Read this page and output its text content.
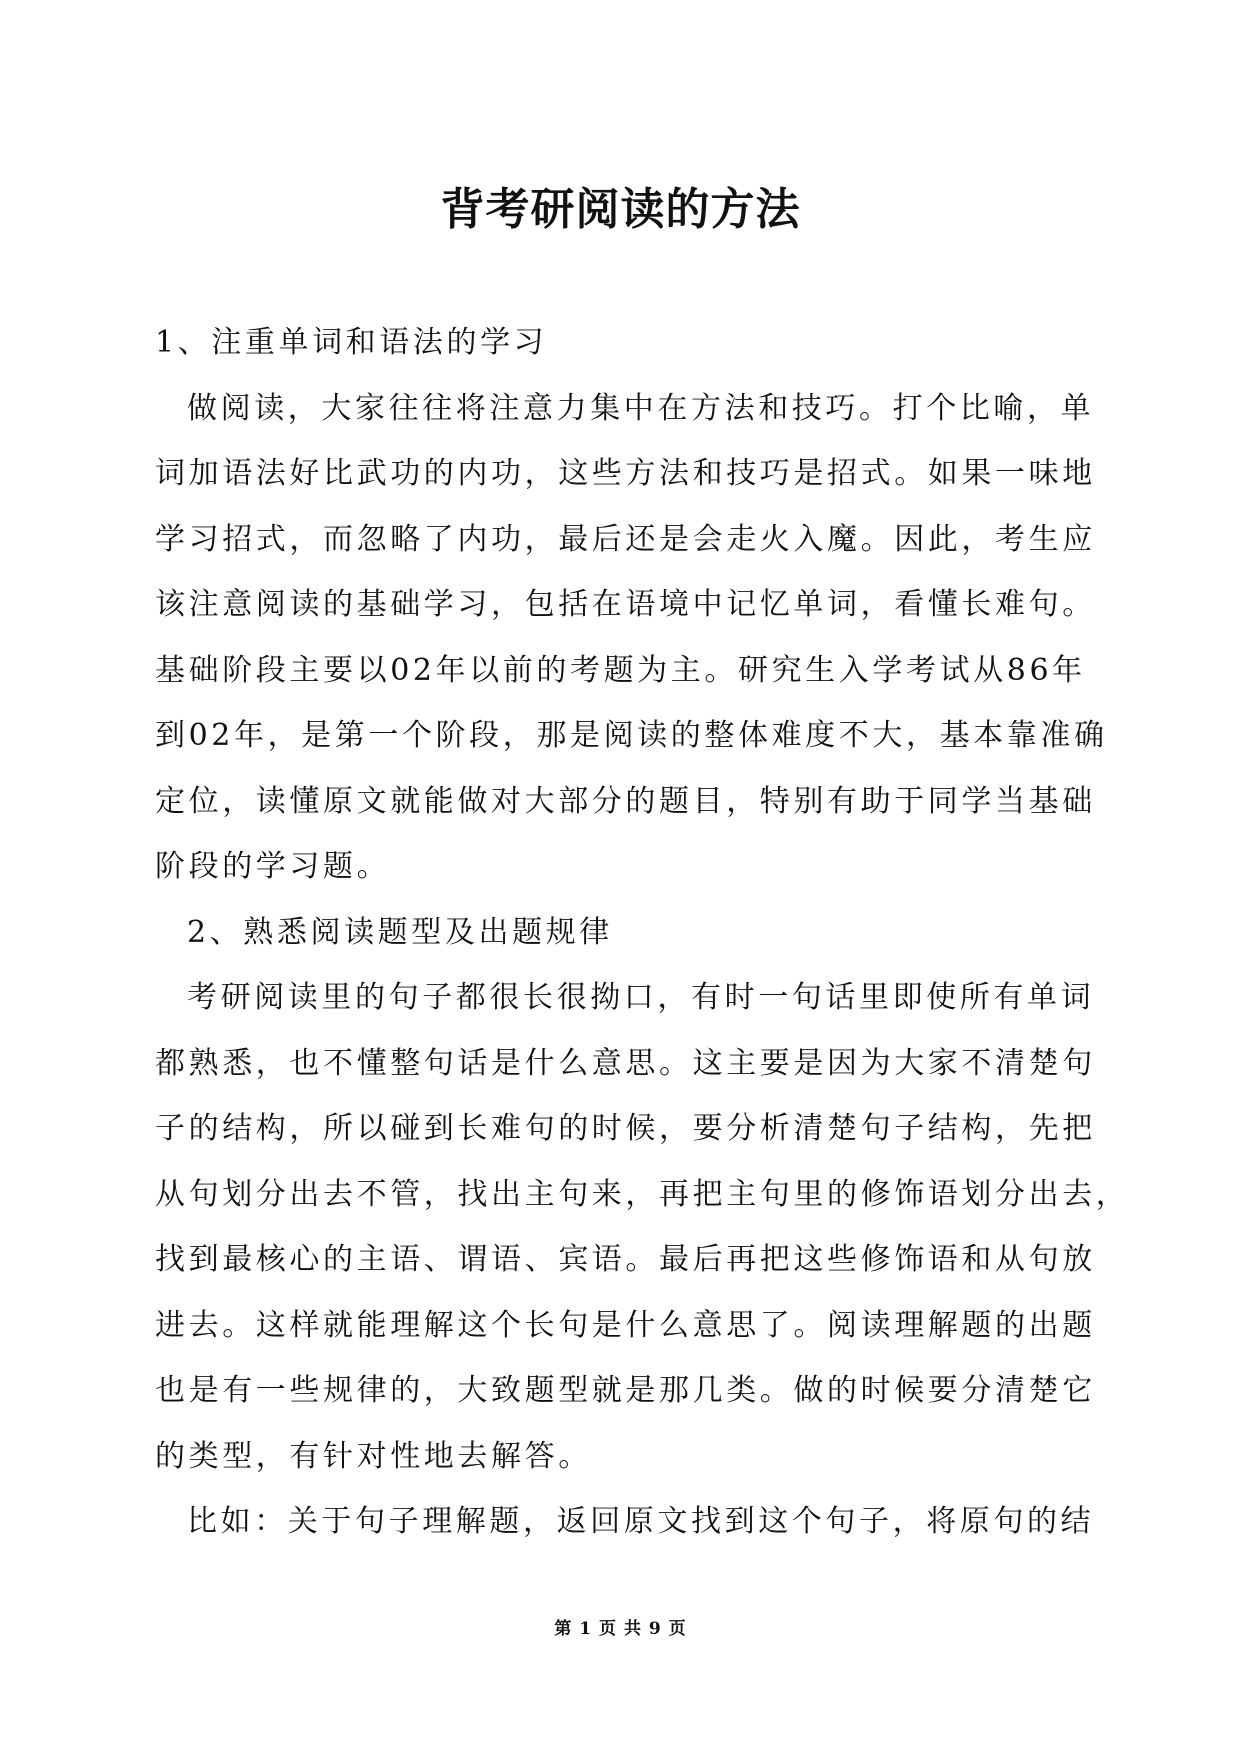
背考研阅读的方法

1、注重单词和语法的学习

做阅读，大家往往将注意力集中在方法和技巧。打个比喻，单

词加语法好比武功的内功，这些方法和技巧是招式。如果一味地

学习招式，而忽略了内功，最后还是会走火入魔。因此，考生应

该注意阅读的基础学习，包括在语境中记忆单词，看懂长难句。

基础阶段主要以02年以前的考题为主。研究生入学考试从86年

到02年，是第一个阶段，那是阅读的整体难度不大，基本靠准确

定位，读懂原文就能做对大部分的题目，特别有助于同学当基础

阶段的学习题。

2、熟悉阅读题型及出题规律

考研阅读里的句子都很长很拗口，有时一句话里即使所有单词

都熟悉，也不懂整句话是什么意思。这主要是因为大家不清楚句

子的结构，所以碰到长难句的时候，要分析清楚句子结构，先把

从句划分出去不管，找出主句来，再把主句里的修饰语划分出去，

找到最核心的主语、谓语、宾语。最后再把这些修饰语和从句放

进去。这样就能理解这个长句是什么意思了。阅读理解题的出题

也是有一些规律的，大致题型就是那几类。做的时候要分清楚它

的类型，有针对性地去解答。

比如：关于句子理解题，返回原文找到这个句子，将原句的结

第 1 页 共 9 页
